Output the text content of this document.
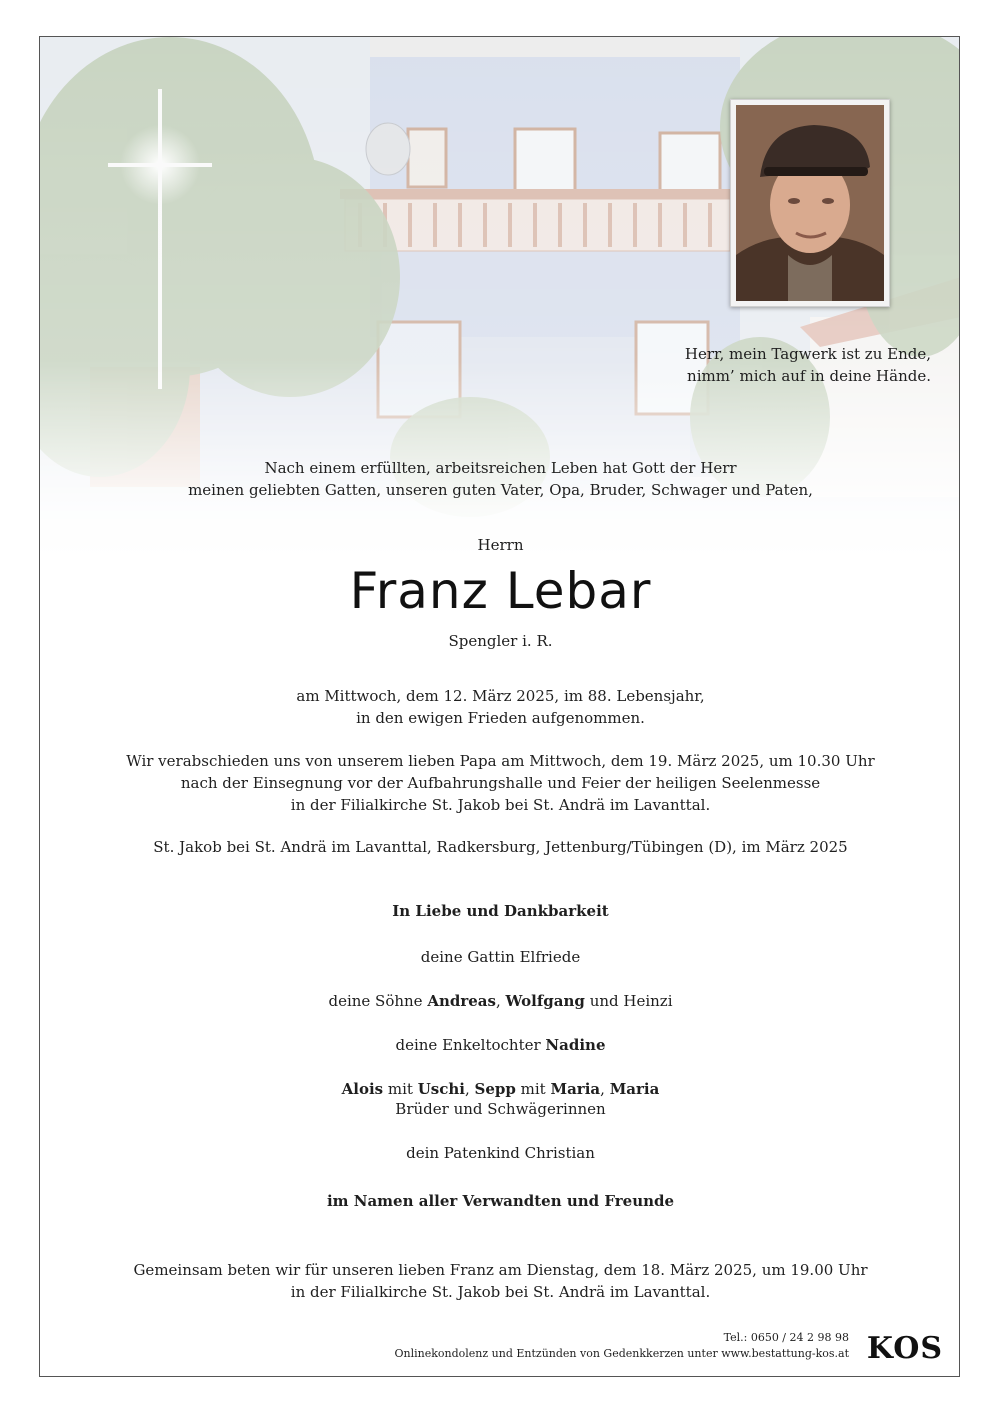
Herr, mein Tagwerk ist zu Ende,
nimm’ mich auf in deine Hände.
Nach einem erfüllten, arbeitsreichen Leben hat Gott der Herr
meinen geliebten Gatten, unseren guten Vater, Opa, Bruder, Schwager und Paten,
Herrn
Franz Lebar
Spengler i. R.
am Mittwoch, dem 12. März 2025, im 88. Lebensjahr,
in den ewigen Frieden aufgenommen.
Wir verabschieden uns von unserem lieben Papa am Mittwoch, dem 19. März 2025, um 10.30 Uhr
nach der Einsegnung vor der Aufbahrungshalle und Feier der heiligen Seelenmesse
in der Filialkirche St. Jakob bei St. Andrä im Lavanttal.
St. Jakob bei St. Andrä im Lavanttal, Radkersburg, Jettenburg/Tübingen (D), im März 2025
In Liebe und Dankbarkeit
deine Gattin Elfriede
deine Söhne Andreas, Wolfgang und Heinzi
deine Enkeltochter Nadine
Alois mit Uschi, Sepp mit Maria, Maria
Brüder und Schwägerinnen
dein Patenkind Christian
im Namen aller Verwandten und Freunde
Gemeinsam beten wir für unseren lieben Franz am Dienstag, dem 18. März 2025, um 19.00 Uhr
in der Filialkirche St. Jakob bei St. Andrä im Lavanttal.
Tel.: 0650 / 24 2 98 98
Onlinekondolenz und Entzünden von Gedenkkerzen unter www.bestattung-kos.at KOS
